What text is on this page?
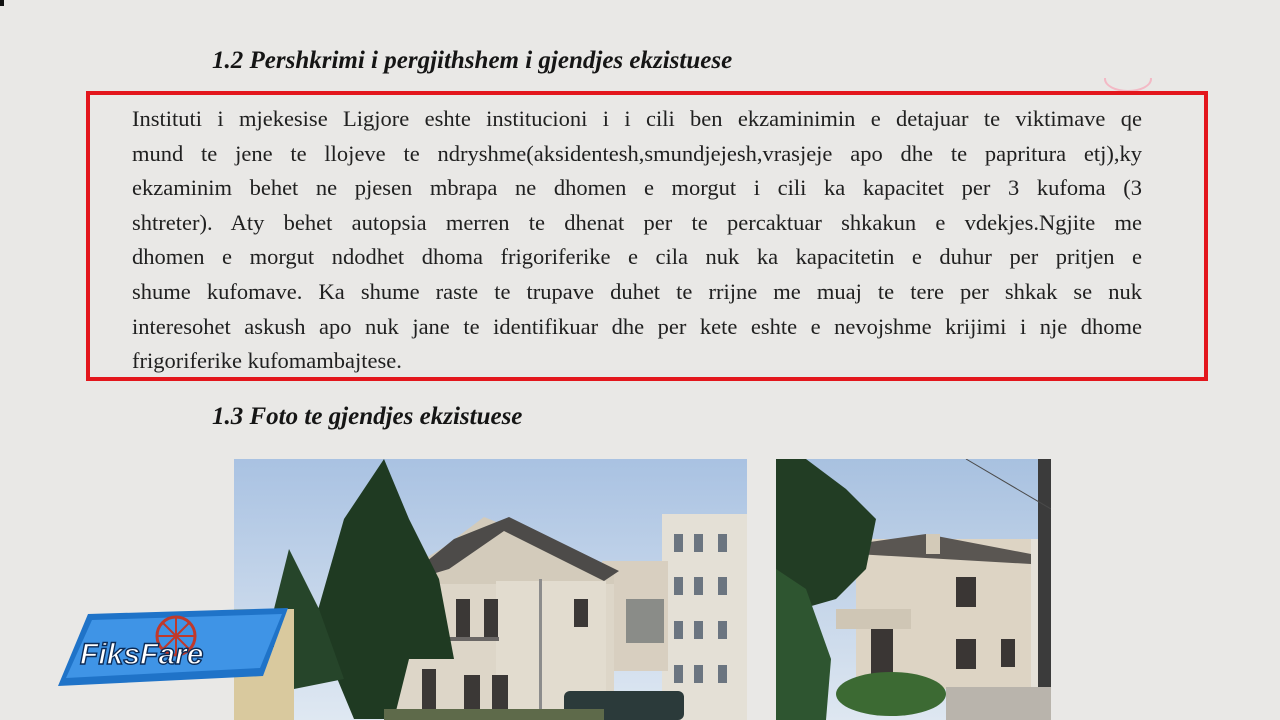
1.2 Pershkrimi i pergjithshem i gjendjes ekzistuese
Instituti i mjekesise Ligjore eshte institucioni i i cili ben ekzaminimin e detajuar te viktimave qe
mund te jene te llojeve te ndryshme(aksidentesh,smundjejesh,vrasjeje apo dhe te papritura etj),ky
ekzaminim behet ne pjesen mbrapa ne dhomen e morgut i cili ka kapacitet per 3 kufoma (3
shtreter). Aty behet autopsia merren te dhenat per te percaktuar shkakun e vdekjes.Ngjite me
dhomen e morgut ndodhet dhoma frigoriferike e cila nuk ka kapacitetin e duhur per pritjen e
shume kufomave. Ka shume raste te trupave duhet te rrijne me muaj te tere per shkak se nuk
interesohet askush apo nuk jane te identifikuar dhe per kete eshte e nevojshme krijimi i nje dhome
frigoriferike kufomambajtese.
1.3 Foto te gjendjes ekzistuese
FiksFare
